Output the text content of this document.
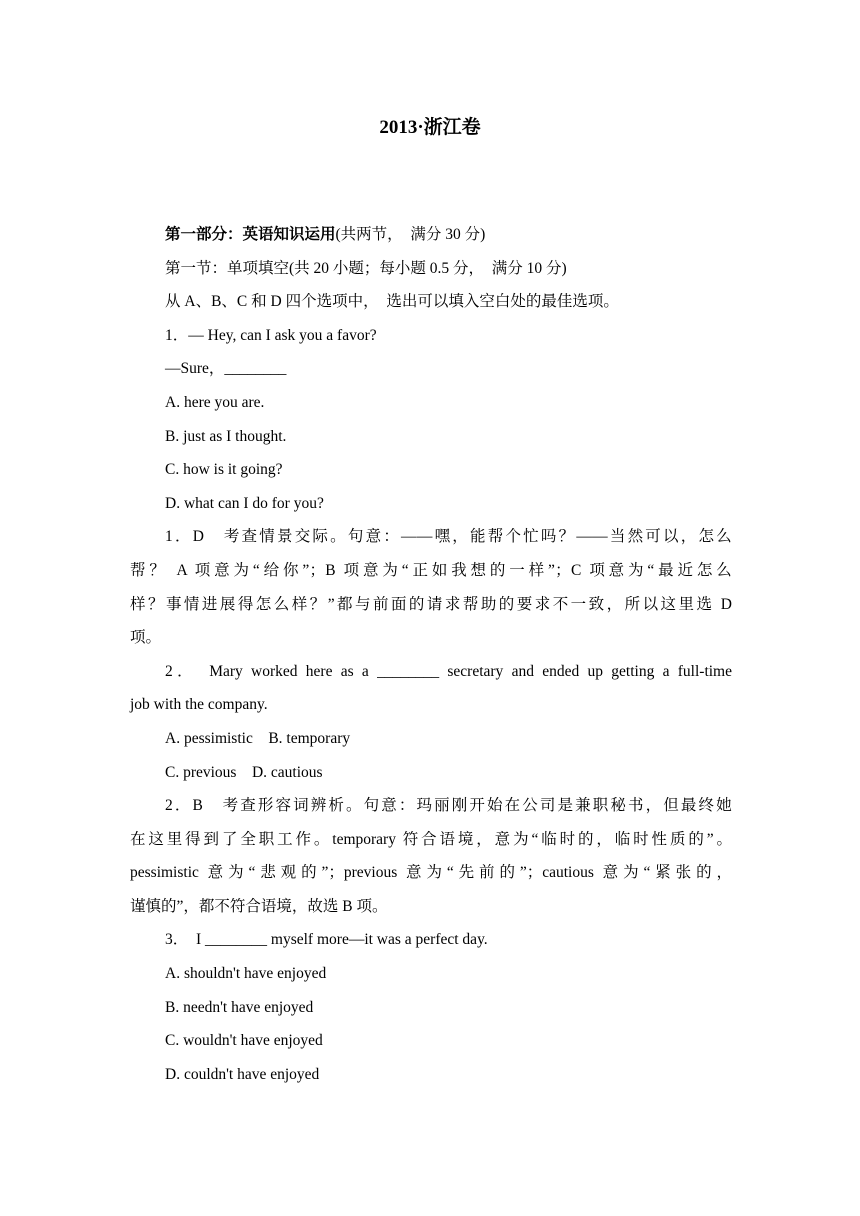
2013·浙江卷
第一部分：英语知识运用(共两节，　满分 30 分)
第一节：单项填空(共 20 小题；每小题 0.5 分，　满分 10 分)
从 A、B、C 和 D 四个选项中，　选出可以填入空白处的最佳选项。
1．— Hey, can I ask you a favor?
—Sure，________
A. here you are.
B. just as I thought.
C. how is it going?
D. what can I do for you?
1．D　考查情景交际。句意：——嘿，能帮个忙吗？——当然可以，怎么
帮？ A 项意为“给你”；B 项意为“正如我想的一样”；C 项意为“最近怎么
样？事情进展得怎么样？”都与前面的请求帮助的要求不一致，所以这里选 D
项。
2．　Mary worked here as a ________ secretary and ended up getting a full-time
job with the company.
A. pessimistic　B. temporary
C. previous　D. cautious
2．B　考查形容词辨析。句意：玛丽刚开始在公司是兼职秘书，但最终她
在这里得到了全职工作。temporary 符合语境，意为“临时的，临时性质的”。
pessimistic 意为“悲观的”；previous 意为“先前的”；cautious 意为“紧张的，
谨慎的”，都不符合语境，故选 B 项。
3．　I ________ myself more—it was a perfect day.
A. shouldn't have enjoyed
B. needn't have enjoyed
C. wouldn't have enjoyed
D. couldn't have enjoyed
